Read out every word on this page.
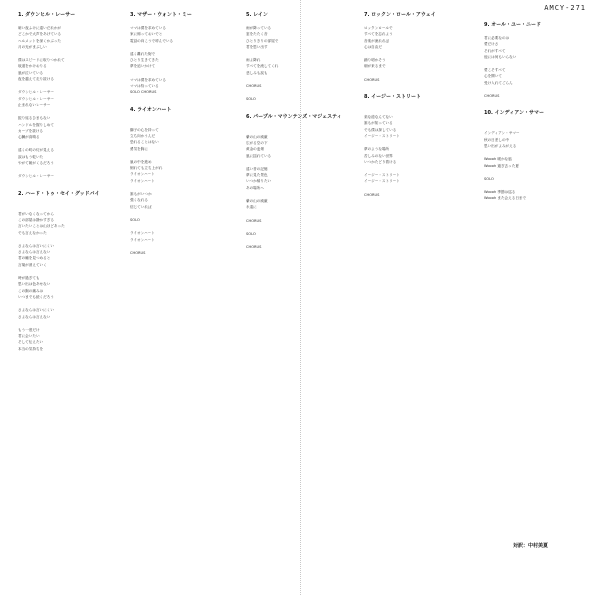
AMCY-271
1. ダウンヒル・レーサー
暗い夜ふけに遠いだれかが
どこかで大声をあげている
ヘルメットを深くかぶった
月の光がまぶしい
僕はスピードに取りつかれて
坂道をかけおりる
風が泣いている
夜を越えて走り抜ける
ダウンヒル・レーサー
ダウンヒル・レーサー
止まれないレーサー
振り返るひまもない
ハンドルを握りしめて
カーブを抜ける
心臓が高鳴る
遠くの町の灯が見える
涙はもう乾いた
やがて朝がくるだろう
ダウンヒル・レーサー
2. ハード・トゥ・セイ・グッドバイ
君がいなくなってから
この部屋は静かすぎる
言いたいことは山ほどあった
でも言えなかった
さよならは言いにくい
さよならは言えない
君の瞳を見つめると
言葉が消えていく
時が過ぎても
思い出は色あせない
この胸の痛みは
いつまでも続くだろう
さよならは言いにくい
さよならは言えない
もう一度だけ
君に会いたい
そして伝えたい
本当の気持ちを
3. マザー・ウォント・ミー
ママは僕を求めている
家に帰っておいでと
電話の向こうで呼んでいる
遠く離れた街で
ひとり生きてきた
夢を追いかけて
ママは僕を求めている
ママは待っている
SOLO CHORUS
4. ライオンハート
獅子の心を持って
立ち向かうんだ
恐れることはない
勇気を胸に
嵐の中を進め
倒れても立ち上がれ
ライオンハート
ライオンハート
誰もがいつか
強くなれる
信じていれば
SOLO
ライオンハート
ライオンハート
CHORUS
5. レイン
雨が降っている
窓をたたく音
ひとりきりの部屋で
君を思い出す
雨よ降れ
すべてを流してくれ
悲しみも涙も
CHORUS
SOLO
6. パープル・マウンテンズ・マジェスティ
紫の山の威厳
広がる空の下
黄金の麦畑
風に揺れている
遠い昔の記憶
夢に見た景色
いつか帰りたい
あの場所へ
紫の山の威厳
永遠に
CHORUS
SOLO
CHORUS
7. ロックン・ロール・アウェイ
ロックンロールで
すべてを忘れよう
音楽が流れれば
心は自由だ
踊り明かそう
朝が来るまで
CHORUS
8. イージー・ストリート
楽な道なんてない
誰もが知っている
でも僕は探している
イージー・ストリート
夢のような場所
苦しみのない世界
いつかたどり着ける
イージー・ストリート
イージー・ストリート
CHORUS
9. オール・ユー・ニード
君に必要なのは
愛だけさ
それがすべて
他には何もいらない
愛こそすべて
心を開いて
受け入れてごらん
CHORUS
10. インディアン・サマー
インディアン・サマー
秋の日差しの中
思い出がよみがえる
Woooh 暖かな風
Woooh 過ぎ去った夏
SOLO
Woooh 季節は巡る
Woooh また会える日まで
対訳：中村美夏
